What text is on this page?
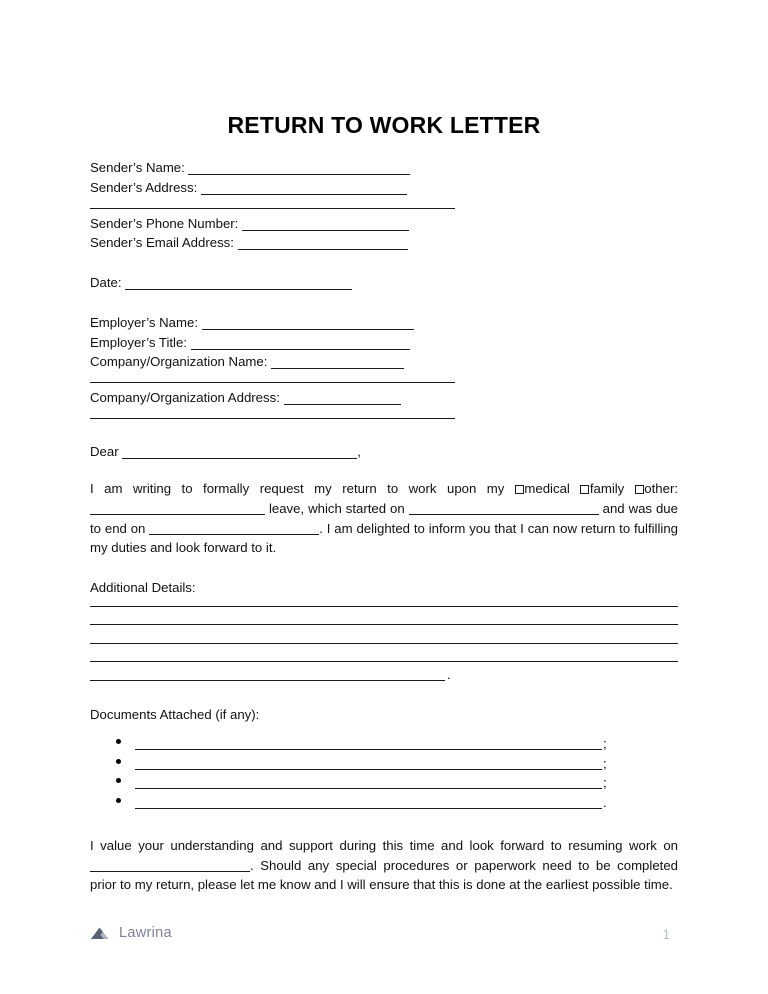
RETURN TO WORK LETTER
Sender’s Name:
Sender’s Address:
Sender’s Phone Number:
Sender’s Email Address:
Date:
Employer’s Name:
Employer’s Title:
Company/Organization Name:
Company/Organization Address:
Dear	,

I am writing to formally request my return to work upon my medical family other:  leave, which started on	and was due to end on	. I am delighted to inform you that I can now return to fulfilling my duties and look forward to it.

Additional Details:
.
Documents Attached (if any):
;
;
;
.

I value your understanding and support during this time and look forward to resuming work on . Should any special procedures or paperwork need to be completed prior to my return, please let me know and I will ensure that this is done at the earliest possible time.

Lawrina	1
